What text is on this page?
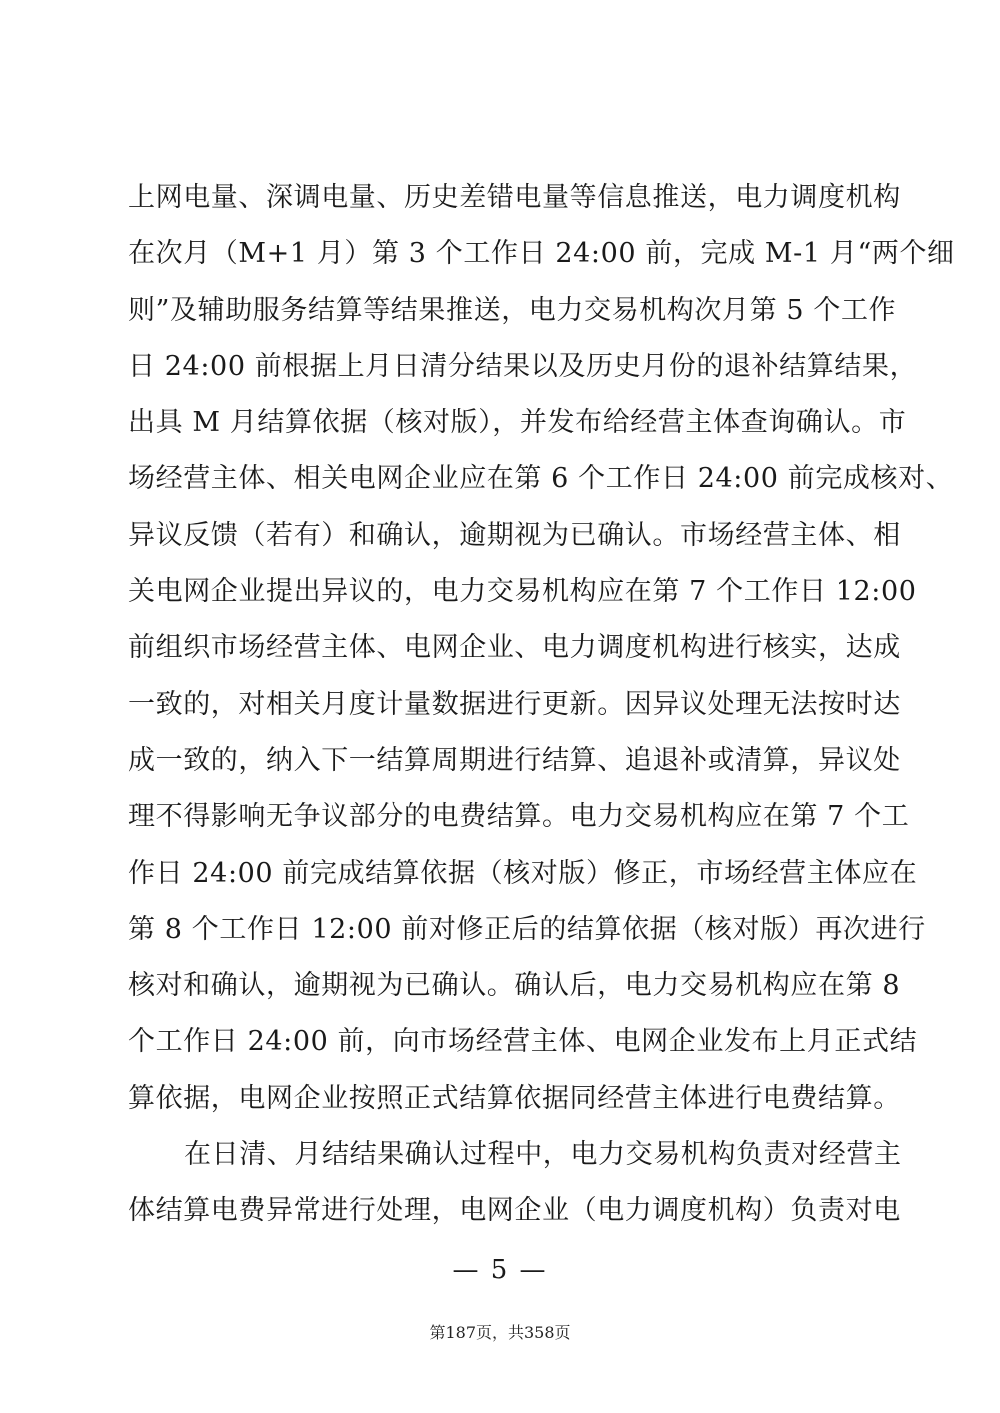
上网电量、深调电量、历史差错电量等信息推送，电力调度机构
在次月（M+1 月）第 3 个工作日 24:00 前，完成 M-1 月“两个细
则”及辅助服务结算等结果推送，电力交易机构次月第 5 个工作
日 24:00 前根据上月日清分结果以及历史月份的退补结算结果，
出具 M 月结算依据（核对版），并发布给经营主体查询确认。市
场经营主体、相关电网企业应在第 6 个工作日 24:00 前完成核对、
异议反馈（若有）和确认，逾期视为已确认。市场经营主体、相
关电网企业提出异议的，电力交易机构应在第 7 个工作日 12:00
前组织市场经营主体、电网企业、电力调度机构进行核实，达成
一致的，对相关月度计量数据进行更新。因异议处理无法按时达
成一致的，纳入下一结算周期进行结算、追退补或清算，异议处
理不得影响无争议部分的电费结算。电力交易机构应在第 7 个工
作日 24:00 前完成结算依据（核对版）修正，市场经营主体应在
第 8 个工作日 12:00 前对修正后的结算依据（核对版）再次进行
核对和确认，逾期视为已确认。确认后，电力交易机构应在第 8
个工作日 24:00 前，向市场经营主体、电网企业发布上月正式结
算依据，电网企业按照正式结算依据同经营主体进行电费结算。
在日清、月结结果确认过程中，电力交易机构负责对经营主
体结算电费异常进行处理，电网企业（电力调度机构）负责对电
— 5 —
第187页，共358页
